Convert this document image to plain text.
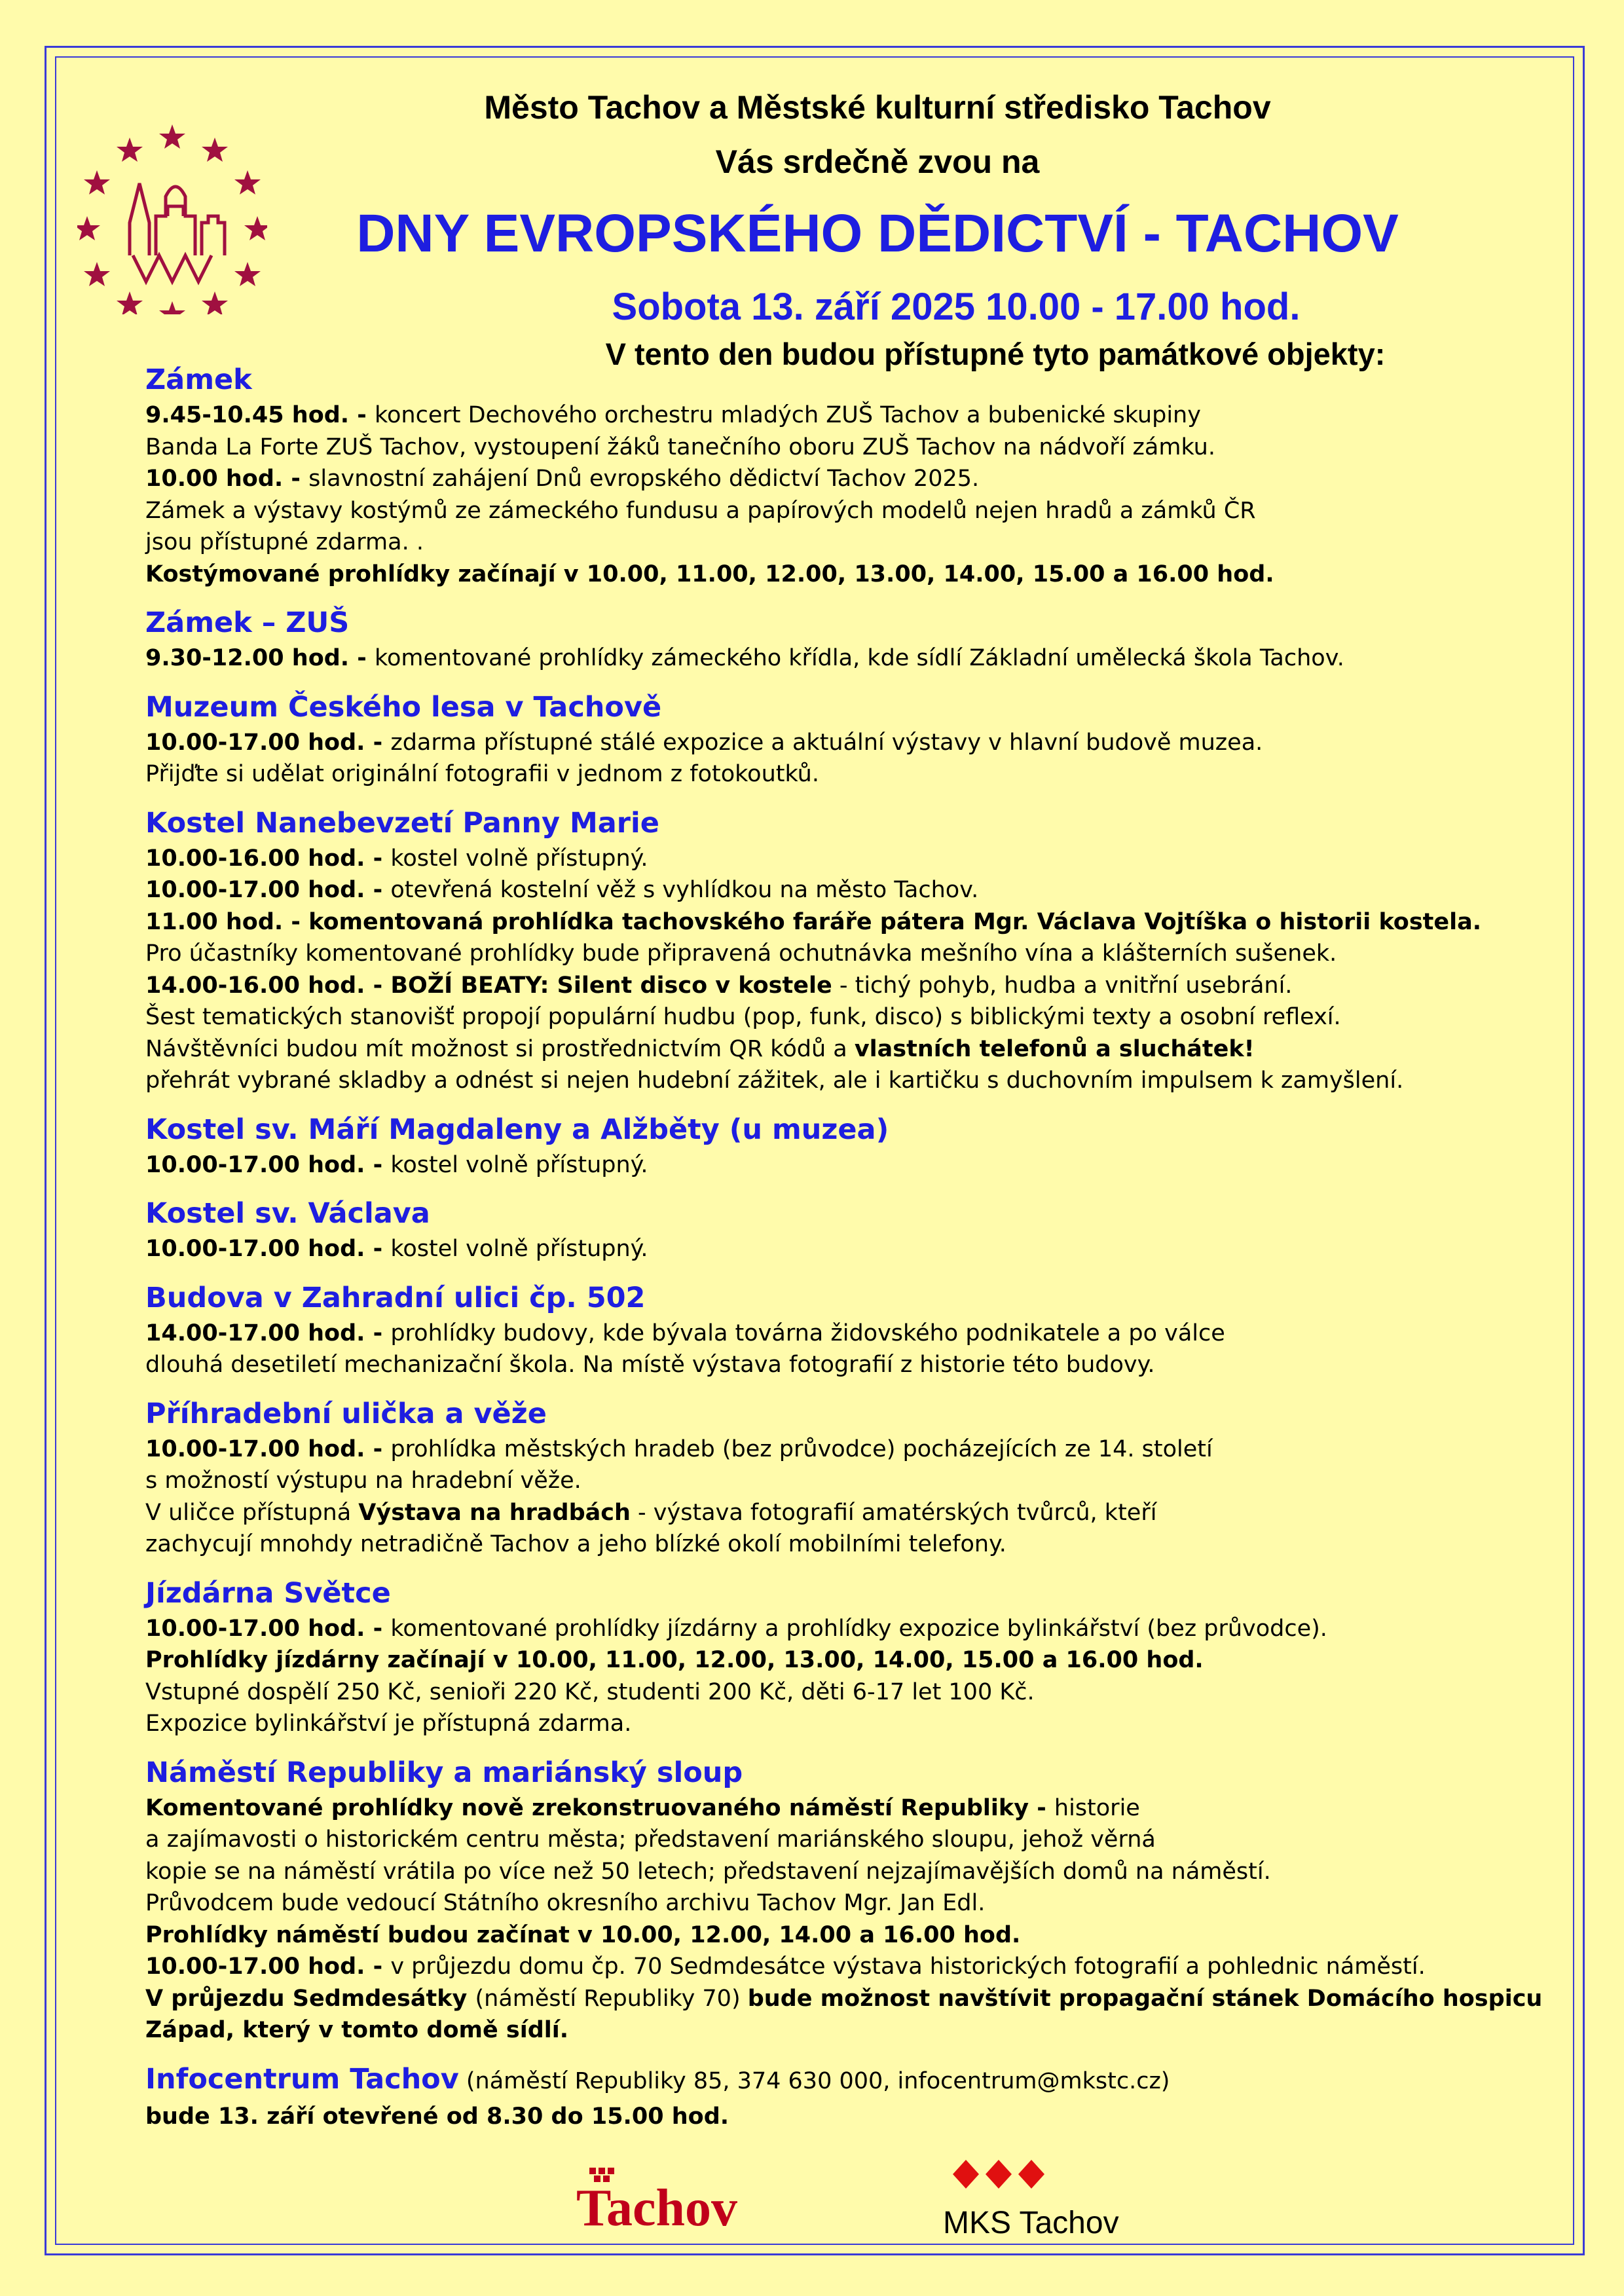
Město Tachov a Městské kulturní středisko Tachov
Vás srdečně zvou na
DNY EVROPSKÉHO DĚDICTVÍ - TACHOV
Sobota 13. září 2025 10.00 - 17.00 hod.
V tento den budou přístupné tyto památkové objekty:
Zámek
9.45-10.45 hod. - koncert Dechového orchestru mladých ZUŠ Tachov a bubenické skupiny
Banda La Forte ZUŠ Tachov, vystoupení žáků tanečního oboru ZUŠ Tachov na nádvoří zámku.
10.00 hod. - slavnostní zahájení Dnů evropského dědictví Tachov 2025.
Zámek a výstavy kostýmů ze zámeckého fundusu a papírových modelů nejen hradů a zámků ČR
jsou přístupné zdarma. .
Kostýmované prohlídky začínají v 10.00, 11.00, 12.00, 13.00, 14.00, 15.00 a 16.00 hod.
Zámek – ZUŠ
9.30-12.00 hod. - komentované prohlídky zámeckého křídla, kde sídlí Základní umělecká škola Tachov.
Muzeum Českého lesa v Tachově
10.00-17.00 hod. - zdarma přístupné stálé expozice a aktuální výstavy v hlavní budově muzea.
Přijďte si udělat originální fotografii v jednom z fotokoutků.
Kostel Nanebevzetí Panny Marie
10.00-16.00 hod. - kostel volně přístupný.
10.00-17.00 hod. - otevřená kostelní věž s vyhlídkou na město Tachov.
11.00 hod. - komentovaná prohlídka tachovského faráře pátera Mgr. Václava Vojtíška o historii kostela.
Pro účastníky komentované prohlídky bude připravená ochutnávka mešního vína a klášterních sušenek.
14.00-16.00 hod. - BOŽÍ BEATY: Silent disco v kostele - tichý pohyb, hudba a vnitřní usebrání.
Šest tematických stanovišť propojí populární hudbu (pop, funk, disco) s biblickými texty a osobní reflexí.
Návštěvníci budou mít možnost si prostřednictvím QR kódů a vlastních telefonů a sluchátek!
přehrát vybrané skladby a odnést si nejen hudební zážitek, ale i kartičku s duchovním impulsem k zamyšlení.
Kostel sv. Máří Magdaleny a Alžběty (u muzea)
10.00-17.00 hod. - kostel volně přístupný.
Kostel sv. Václava
10.00-17.00 hod. - kostel volně přístupný.
Budova v Zahradní ulici čp. 502
14.00-17.00 hod. - prohlídky budovy, kde bývala továrna židovského podnikatele a po válce
dlouhá desetiletí mechanizační škola. Na místě výstava fotografií z historie této budovy.
Příhradební ulička a věže
10.00-17.00 hod. - prohlídka městských hradeb (bez průvodce) pocházejících ze 14. století
s možností výstupu na hradební věže.
V uličce přístupná Výstava na hradbách - výstava fotografií amatérských tvůrců, kteří
zachycují mnohdy netradičně Tachov a jeho blízké okolí mobilními telefony.
Jízdárna Světce
10.00-17.00 hod. - komentované prohlídky jízdárny a prohlídky expozice bylinkářství (bez průvodce).
Prohlídky jízdárny začínají v 10.00, 11.00, 12.00, 13.00, 14.00, 15.00 a 16.00 hod.
Vstupné dospělí 250 Kč, senioři 220 Kč, studenti 200 Kč, děti 6-17 let 100 Kč.
Expozice bylinkářství je přístupná zdarma.
Náměstí Republiky a mariánský sloup
Komentované prohlídky nově zrekonstruovaného náměstí Republiky - historie
a zajímavosti o historickém centru města; představení mariánského sloupu, jehož věrná
kopie se na náměstí vrátila po více než 50 letech; představení nejzajímavějších domů na náměstí.
Průvodcem bude vedoucí Státního okresního archivu Tachov Mgr. Jan Edl.
Prohlídky náměstí budou začínat v 10.00, 12.00, 14.00 a 16.00 hod.
10.00-17.00 hod. - v průjezdu domu čp. 70 Sedmdesátce výstava historických fotografií a pohlednic náměstí.
V průjezdu Sedmdesátky (náměstí Republiky 70) bude možnost navštívit propagační stánek Domácího hospicu
Západ, který v tomto domě sídlí.
Infocentrum Tachov (náměstí Republiky 85, 374 630 000, infocentrum@mkstc.cz)
bude 13. září otevřené od 8.30 do 15.00 hod.
Tachov	MKS Tachov
